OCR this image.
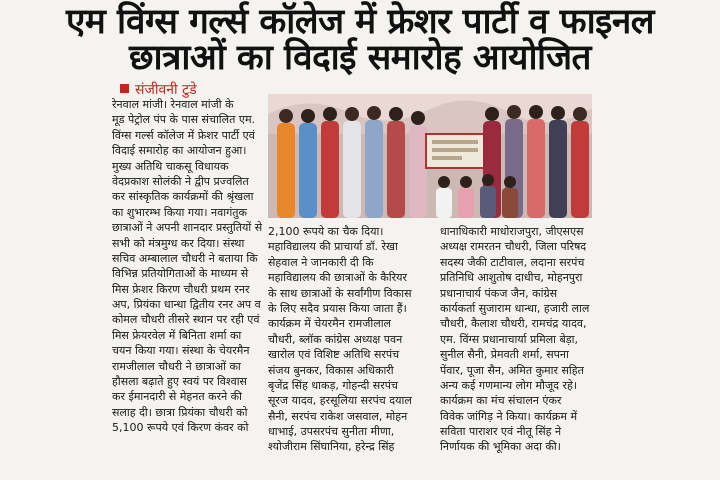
एम विंग्स गर्ल्स कॉलेज में फ्रेशर पार्टी व फाइनल
छात्राओं का विदाई समारोह आयोजित
संजीवनी टुडे
रेनवाल मांजी। रेनवाल मांजी के
मूड पेट्रोल पंप के पास संचालित एम.
विंग्स गर्ल्स कॉलेज में फ्रेशर पार्टी एवं
विदाई समारोह का आयोजन हुआ।
मुख्य अतिथि चाकसू विधायक
वेदप्रकाश सोलंकी ने द्वीप प्रज्वलित
कर सांस्कृतिक कार्यक्रमों की श्रृंखला
का शुभारम्भ किया गया। नवागंतुक
छात्राओं ने अपनी शानदार प्रस्तुतियों से
सभी को मंत्रमुग्ध कर दिया। संस्था
सचिव अम्बालाल चौधरी ने बताया कि
विभिन्न प्रतियोगिताओं के माध्यम से
मिस फ्रेशर किरण चौधरी प्रथम रनर
अप, प्रियंका धान्धा द्वितीय रनर अप व
कोमल चौधरी तीसरे स्थान पर रही एवं
मिस फ्रेयरवेल में बिनिता शर्मा का
चयन किया गया। संस्था के चेयरमैन
रामजीलाल चौधरी ने छात्राओं का
हौसला बढ़ाते हुए स्वयं पर विश्वास
कर ईमानदारी से मेहनत करने की
सलाह दी। छात्रा प्रियंका चौधरी को
5,100 रूपये एवं किरण कंवर को
2,100 रूपये का चैक दिया।
महाविद्यालय की प्राचार्या डॉ. रेखा
सेहवाल ने जानकारी दी कि
महाविद्यालय की छात्राओं के कैरियर
के साथ छात्राओं के सर्वांगीण विकास
के लिए सदैव प्रयास किया जाता हैं।
कार्यक्रम में चेयरमैन रामजीलाल
चौधरी, ब्लॉक कांग्रेस अध्यक्ष पवन
खारोल एवं विशिष्ट अतिथि सरपंच
संजय बुनकर, विकास अधिकारी
बृजेंद्र सिंह धाकड़, गोहन्दी सरपंच
सूरज यादव, हरसूलिया सरपंच दयाल
सैनी, सरपंच राकेश जसवाल, मोहन
धाभाई, उपसरपंच सुनीता मीणा,
श्योजीराम सिंघानिया, हरेन्द्र सिंह
धानाधिकारी माधोराजपुरा, जीएसएस
अध्यक्ष रामरतन चौधरी, जिला परिषद
सदस्य जैकी टाटीवाल, लदाना सरपंच
प्रतिनिधि आशुतोष दाधीच, मोहनपुरा
प्रधानाचार्य पंकज जैन, कांग्रेस
कार्यकर्ता सुजाराम धान्धा, हजारी लाल
चौधरी, कैलाश चौधरी, रामचंद्र यादव,
एम. विंग्स प्रधानाचार्या प्रमिला बेड़ा,
सुनील सैनी, प्रेमवती शर्मा, सपना
पेंवार, पूजा सैन, अमित कुमार सहित
अन्य कई गणमान्य लोग मौजूद रहे।
कार्यक्रम का मंच संचालन एंकर
विवेक जांगिड़ ने किया। कार्यक्रम में
सविता पाराशर एवं नीतू सिंह ने
निर्णायक की भूमिका अदा की।
